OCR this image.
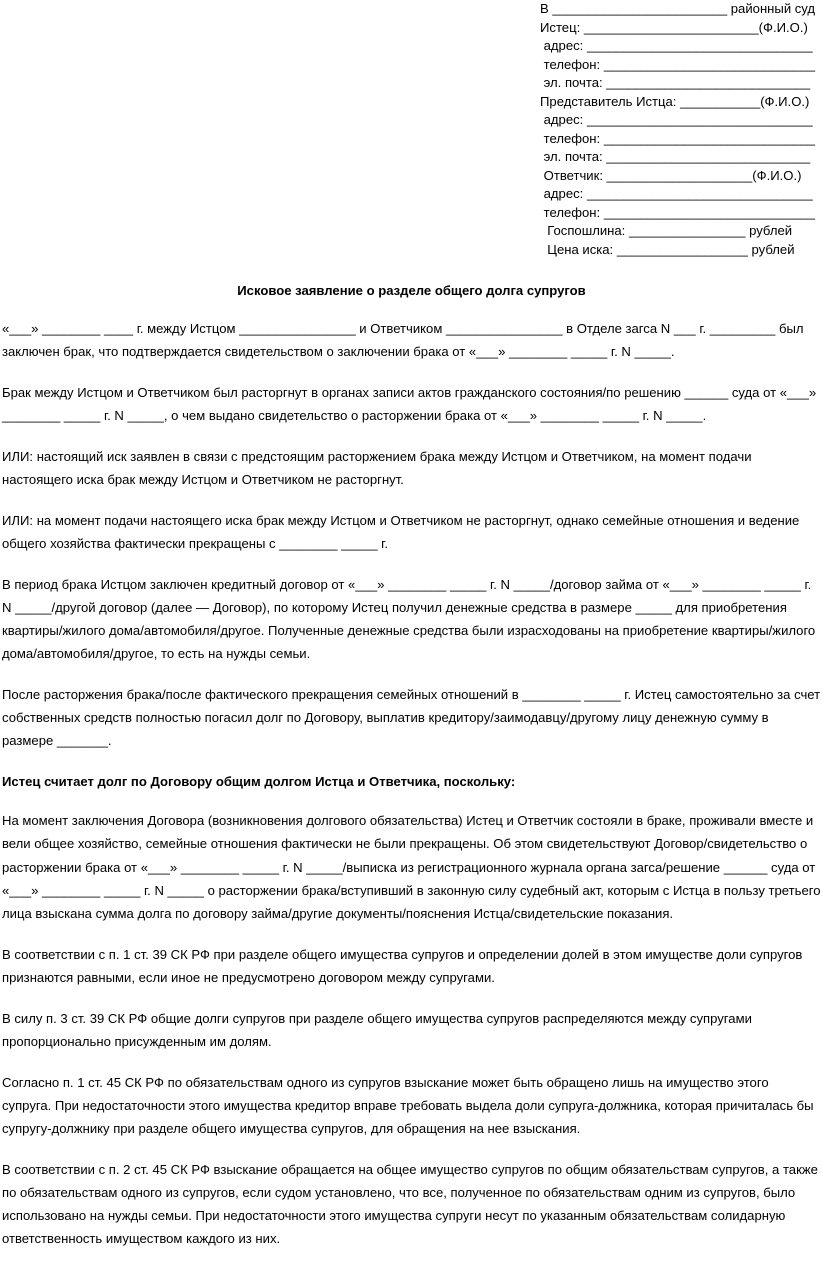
В ________________________ районный суд
Истец: ________________________(Ф.И.О.)
адрес: _______________________________
телефон: _____________________________
эл. почта: ____________________________
Представитель Истца: ___________(Ф.И.О.)
адрес: _______________________________
телефон: _____________________________
эл. почта: ____________________________
Ответчик: ____________________(Ф.И.О.)
адрес: _______________________________
телефон: _____________________________
Госпошлина: ________________ рублей
Цена иска: __________________ рублей
Исковое заявление о разделе общего долга супругов

«___» ________ ____ г. между Истцом ________________ и Ответчиком ________________ в Отделе загса N ___ г. _________ был заключен брак, что подтверждается свидетельством о заключении брака от «___» ________ _____ г. N _____.

Брак между Истцом и Ответчиком был расторгнут в органах записи актов гражданского состояния/по решению ______ суда от «___» ________ _____ г. N _____, о чем выдано свидетельство о расторжении брака от «___» ________ _____ г. N _____.

ИЛИ: настоящий иск заявлен в связи с предстоящим расторжением брака между Истцом и Ответчиком, на момент подачи настоящего иска брак между Истцом и Ответчиком не расторгнут.

ИЛИ: на момент подачи настоящего иска брак между Истцом и Ответчиком не расторгнут, однако семейные отношения и ведение общего хозяйства фактически прекращены с ________ _____ г.

В период брака Истцом заключен кредитный договор от «___» ________ _____ г. N _____/договор займа от «___» ________ _____ г. N _____/другой договор (далее — Договор), по которому Истец получил денежные средства в размере _____ для приобретения квартиры/жилого дома/автомобиля/другое. Полученные денежные средства были израсходованы на приобретение квартиры/жилого дома/автомобиля/другое, то есть на нужды семьи.

После расторжения брака/после фактического прекращения семейных отношений в ________ _____ г. Истец самостоятельно за счет собственных средств полностью погасил долг по Договору, выплатив кредитору/заимодавцу/другому лицу денежную сумму в размере _______.

Истец считает долг по Договору общим долгом Истца и Ответчика, поскольку:

На момент заключения Договора (возникновения долгового обязательства) Истец и Ответчик состояли в браке, проживали вместе и вели общее хозяйство, семейные отношения фактически не были прекращены. Об этом свидетельствуют Договор/свидетельство о расторжении брака от «___» ________ _____ г. N _____/выписка из регистрационного журнала органа загса/решение ______ суда от «___» ________ _____ г. N _____ о расторжении брака/вступивший в законную силу судебный акт, которым с Истца в пользу третьего лица взыскана сумма долга по договору займа/другие документы/пояснения Истца/свидетельские показания.

В соответствии с п. 1 ст. 39 СК РФ при разделе общего имущества супругов и определении долей в этом имуществе доли супругов признаются равными, если иное не предусмотрено договором между супругами.

В силу п. 3 ст. 39 СК РФ общие долги супругов при разделе общего имущества супругов распределяются между супругами пропорционально присужденным им долям.

Согласно п. 1 ст. 45 СК РФ по обязательствам одного из супругов взыскание может быть обращено лишь на имущество этого супруга. При недостаточности этого имущества кредитор вправе требовать выдела доли супруга-должника, которая причиталась бы супругу-должнику при разделе общего имущества супругов, для обращения на нее взыскания.

В соответствии с п. 2 ст. 45 СК РФ взыскание обращается на общее имущество супругов по общим обязательствам супругов, а также по обязательствам одного из супругов, если судом установлено, что все, полученное по обязательствам одним из супругов, было использовано на нужды семьи. При недостаточности этого имущества супруги несут по указанным обязательствам солидарную ответственность имуществом каждого из них.
